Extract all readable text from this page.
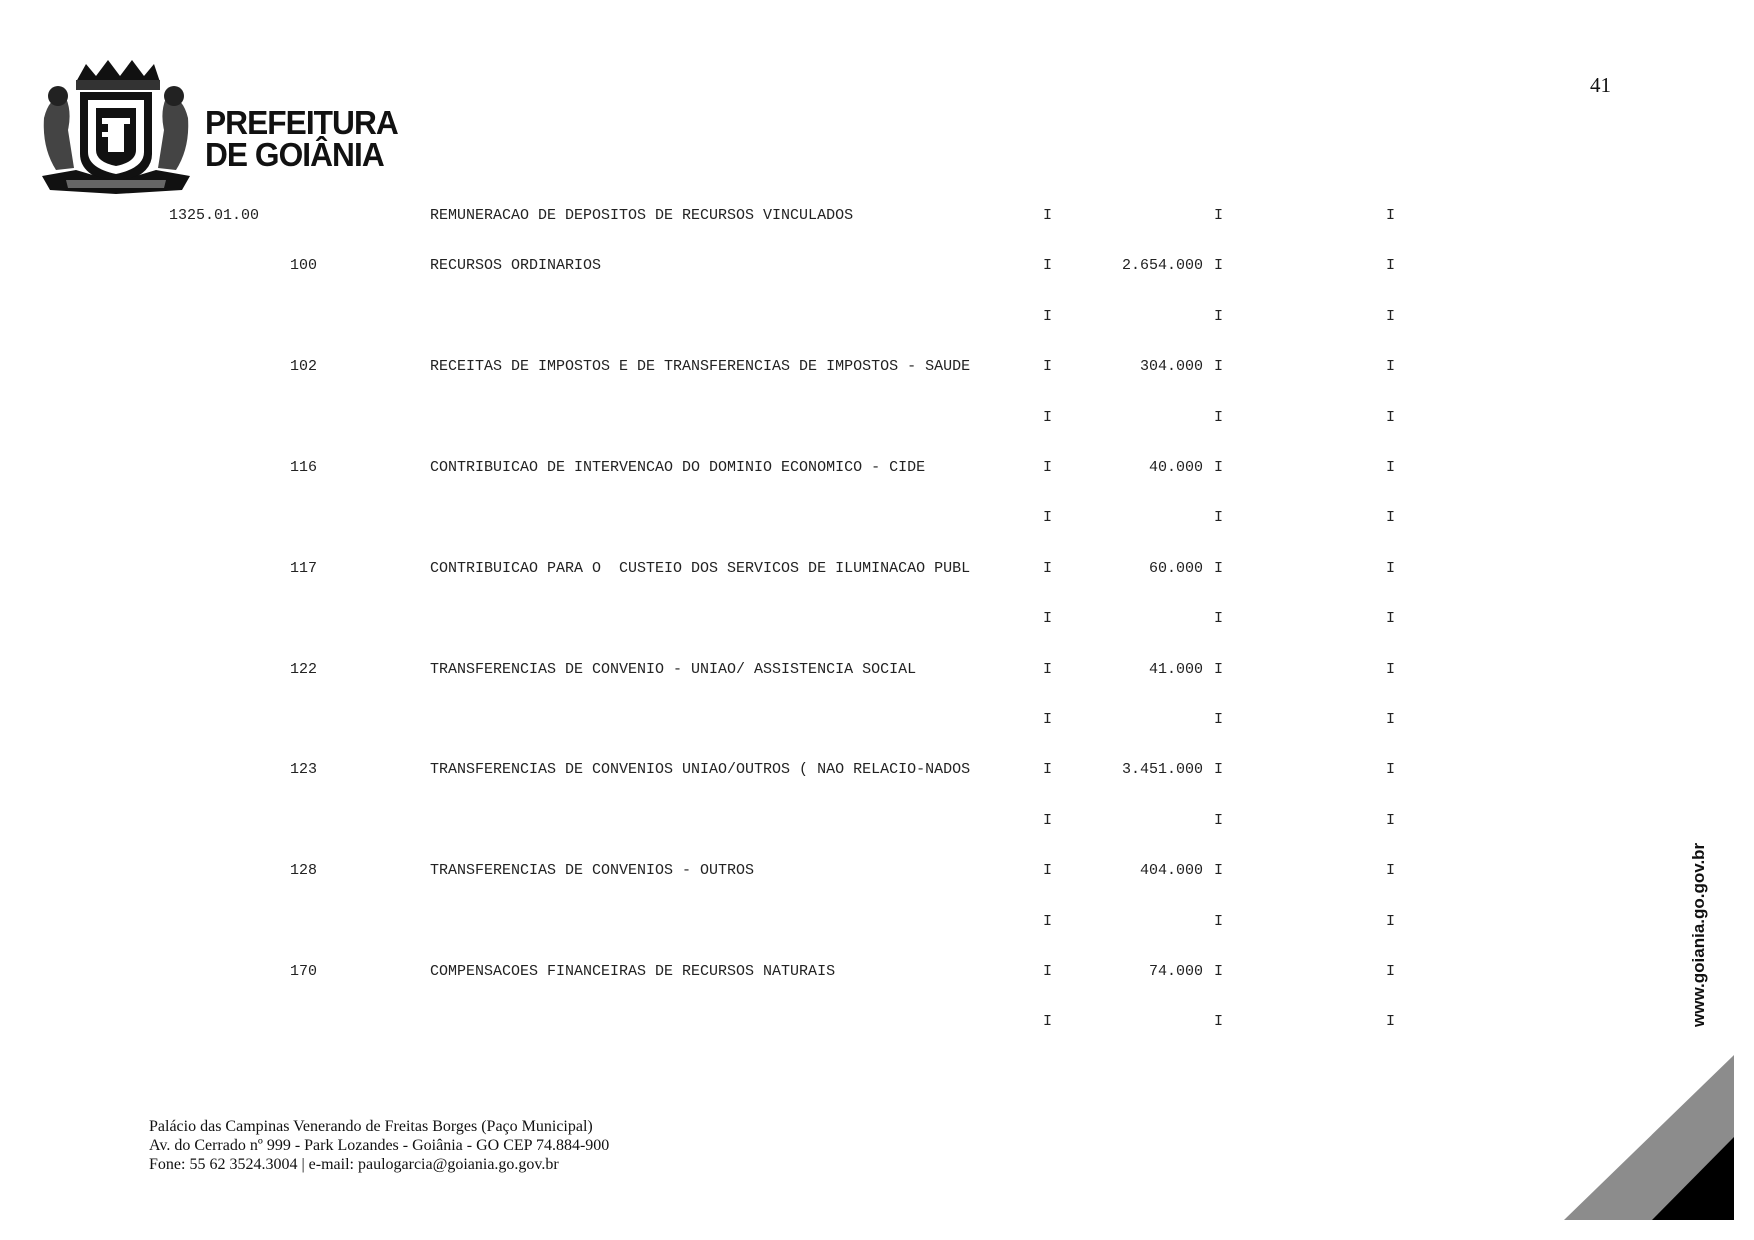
41
PREFEITURA
DE GOIÂNIA
1325.01.00	REMUNERACAO DE DEPOSITOS DE RECURSOS VINCULADOS	I	I	I
100	RECURSOS ORDINARIOS	I	2.654.000 I	I
I	I	I
102	RECEITAS DE IMPOSTOS E DE TRANSFERENCIAS DE IMPOSTOS - SAUDE	I	304.000 I	I
I	I	I
116	CONTRIBUICAO DE INTERVENCAO DO DOMINIO ECONOMICO - CIDE	I	40.000 I	I
I	I	I
117	CONTRIBUICAO PARA O  CUSTEIO DOS SERVICOS DE ILUMINACAO PUBL	I	60.000 I	I
I	I	I
122	TRANSFERENCIAS DE CONVENIO - UNIAO/ ASSISTENCIA SOCIAL	I	41.000 I	I
I	I	I
123	TRANSFERENCIAS DE CONVENIOS UNIAO/OUTROS ( NAO RELACIO-NADOS	I	3.451.000 I	I
I	I	I
128	TRANSFERENCIAS DE CONVENIOS - OUTROS	I	404.000 I	I
I	I	I
170	COMPENSACOES FINANCEIRAS DE RECURSOS NATURAIS	I	74.000 I	I
I	I	I
Palácio das Campinas Venerando de Freitas Borges (Paço Municipal)
Av. do Cerrado nº 999 - Park Lozandes - Goiânia - GO CEP 74.884-900
Fone: 55 62 3524.3004 | e-mail: paulogarcia@goiania.go.gov.br
www.goiania.go.gov.br
